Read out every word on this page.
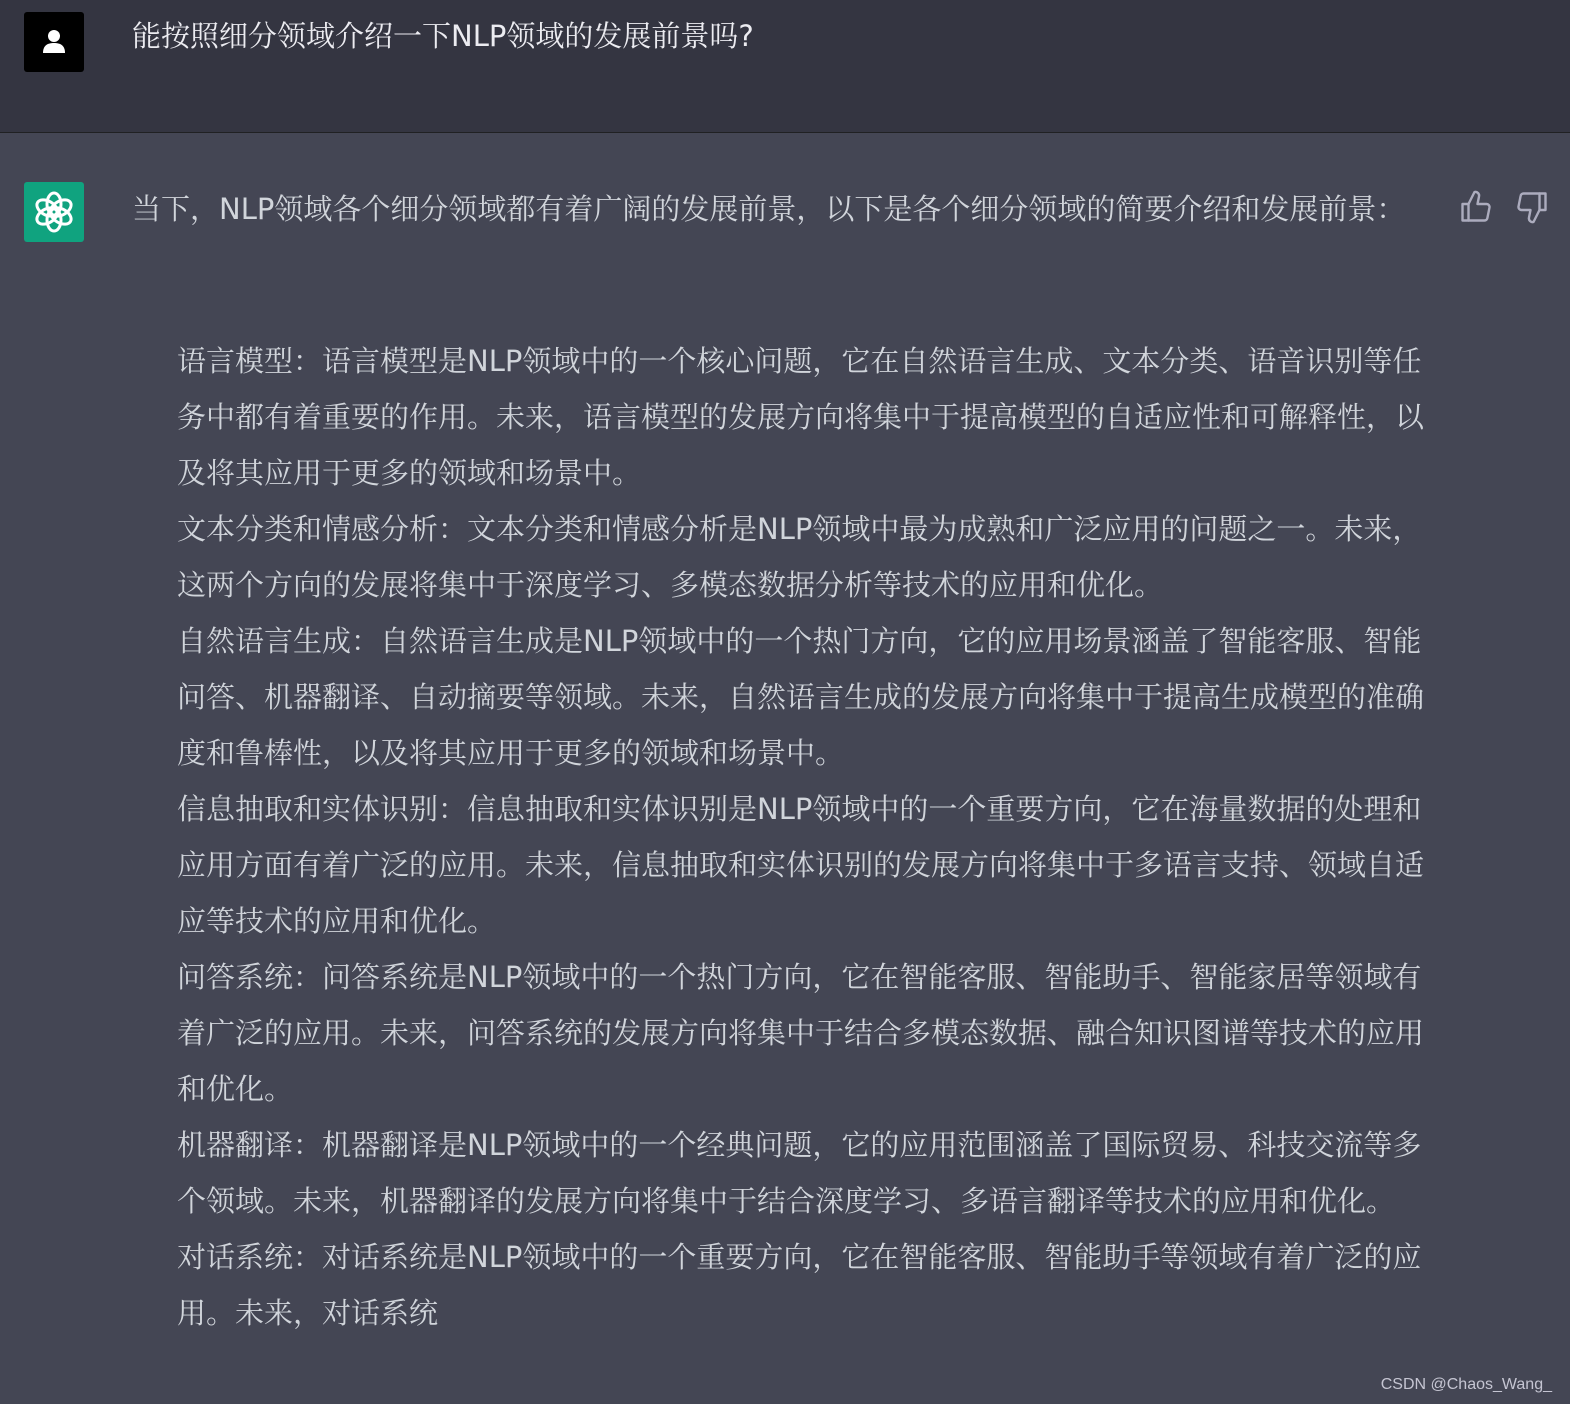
能按照细分领域介绍一下NLP领域的发展前景吗?
当下，NLP领域各个细分领域都有着广阔的发展前景，以下是各个细分领域的简要介绍和发展前景：

语言模型：语言模型是NLP领域中的一个核心问题，它在自然语言生成、文本分类、语音识别等任务中都有着重要的作用。未来，语言模型的发展方向将集中于提高模型的自适应性和可解释性，以及将其应用于更多的领域和场景中。

文本分类和情感分析：文本分类和情感分析是NLP领域中最为成熟和广泛应用的问题之一。未来，这两个方向的发展将集中于深度学习、多模态数据分析等技术的应用和优化。

自然语言生成：自然语言生成是NLP领域中的一个热门方向，它的应用场景涵盖了智能客服、智能问答、机器翻译、自动摘要等领域。未来，自然语言生成的发展方向将集中于提高生成模型的准确度和鲁棒性，以及将其应用于更多的领域和场景中。

信息抽取和实体识别：信息抽取和实体识别是NLP领域中的一个重要方向，它在海量数据的处理和应用方面有着广泛的应用。未来，信息抽取和实体识别的发展方向将集中于多语言支持、领域自适应等技术的应用和优化。

问答系统：问答系统是NLP领域中的一个热门方向，它在智能客服、智能助手、智能家居等领域有着广泛的应用。未来，问答系统的发展方向将集中于结合多模态数据、融合知识图谱等技术的应用和优化。

机器翻译：机器翻译是NLP领域中的一个经典问题，它的应用范围涵盖了国际贸易、科技交流等多个领域。未来，机器翻译的发展方向将集中于结合深度学习、多语言翻译等技术的应用和优化。

对话系统：对话系统是NLP领域中的一个重要方向，它在智能客服、智能助手等领域有着广泛的应用。未来，对话系统

CSDN @Chaos_Wang_
